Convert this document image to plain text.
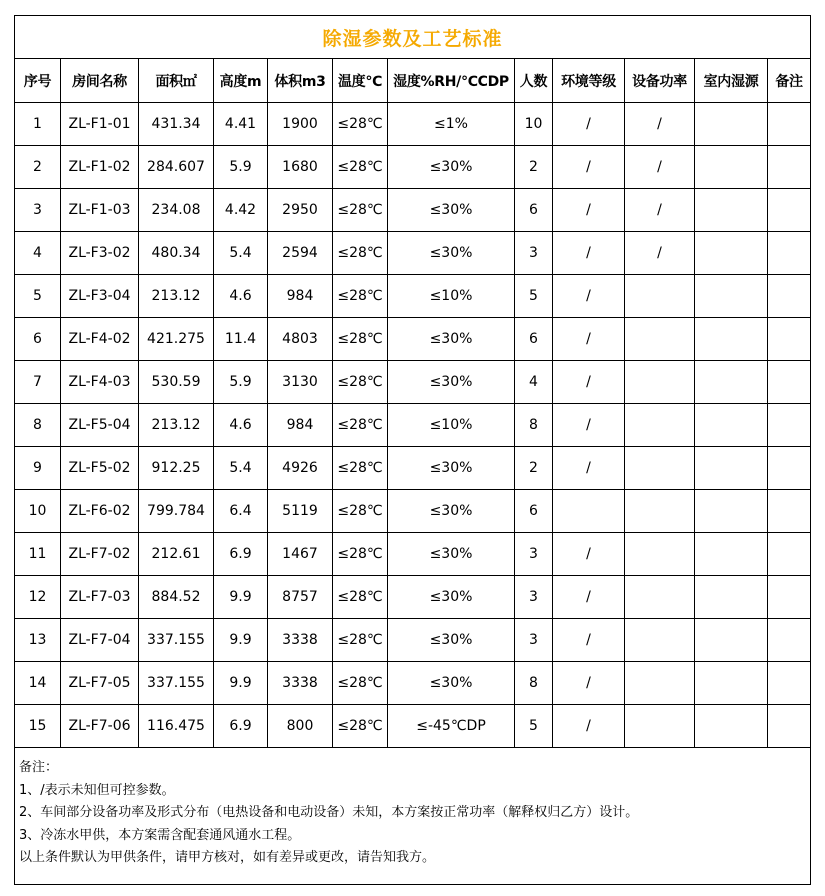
除湿参数及工艺标准											
序号	房间名称	面积㎡	高度m	体积m3	温度℃	湿度%RH/℃CDP	人数	环境等级	设备功率	室内湿源	备注
1	ZL-F1-01	431.34	4.41	1900	≤28℃	≤1%	10	/	/		
2	ZL-F1-02	284.607	5.9	1680	≤28℃	≤30%	2	/	/		
3	ZL-F1-03	234.08	4.42	2950	≤28℃	≤30%	6	/	/		
4	ZL-F3-02	480.34	5.4	2594	≤28℃	≤30%	3	/	/		
5	ZL-F3-04	213.12	4.6	984	≤28℃	≤10%	5	/			
6	ZL-F4-02	421.275	11.4	4803	≤28℃	≤30%	6	/			
7	ZL-F4-03	530.59	5.9	3130	≤28℃	≤30%	4	/			
8	ZL-F5-04	213.12	4.6	984	≤28℃	≤10%	8	/			
9	ZL-F5-02	912.25	5.4	4926	≤28℃	≤30%	2	/			
10	ZL-F6-02	799.784	6.4	5119	≤28℃	≤30%	6				
11	ZL-F7-02	212.61	6.9	1467	≤28℃	≤30%	3	/			
12	ZL-F7-03	884.52	9.9	8757	≤28℃	≤30%	3	/			
13	ZL-F7-04	337.155	9.9	3338	≤28℃	≤30%	3	/			
14	ZL-F7-05	337.155	9.9	3338	≤28℃	≤30%	8	/			
15	ZL-F7-06	116.475	6.9	800	≤28℃	≤-45℃DP	5	/			

备注：
1、/表示未知但可控参数。
2、车间部分设备功率及形式分布（电热设备和电动设备）未知，本方案按正常功率（解释权归乙方）设计。
3、冷冻水甲供，本方案需含配套通风通水工程。
以上条件默认为甲供条件，请甲方核对，如有差异或更改，请告知我方。											
